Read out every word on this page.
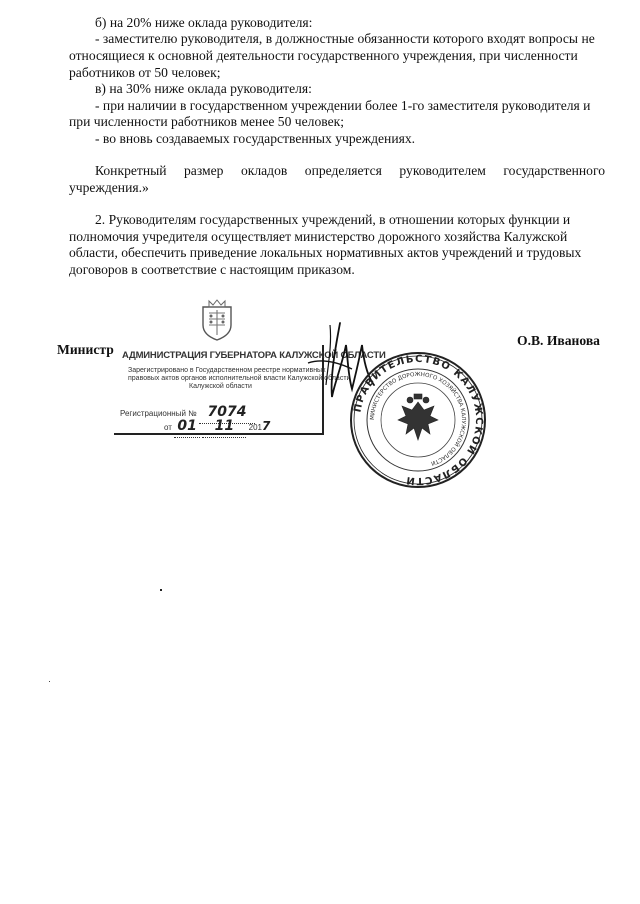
б) на 20% ниже оклада руководителя:
- заместителю руководителя, в должностные обязанности которого входят вопросы не
относящиеся к основной деятельности государственного учреждения, при численности
работников от 50 человек;
в) на 30% ниже оклада руководителя:
- при наличии в государственном учреждении более 1-го заместителя руководителя и
при численности работников менее 50 человек;
- во вновь создаваемых государственных учреждениях.
Конкретный размер окладов определяется руководителем государственного
учреждения.»
2. Руководителям государственных учреждений, в отношении которых функции и
полномочия учредителя осуществляет министерство дорожного хозяйства Калужской
области, обеспечить приведение локальных нормативных актов учреждений и трудовых
договоров в соответствие с настоящим приказом.
Министр
О.В. Иванова
АДМИНИСТРАЦИЯ ГУБЕРНАТОРА КАЛУЖСКОЙ ОБЛАСТИ
Зарегистрировано в Государственном реестре нормативных
правовых актов органов исполнительной власти Калужской области
Калужской области
Регистрационный № 7074
от 01 11 2017
ПРАВИТЕЛЬСТВО КАЛУЖСКОЙ ОБЛАСТИ
МИНИСТЕРСТВО ДОРОЖНОГО ХОЗЯЙСТВА КАЛУЖСКОЙ ОБЛАСТИ
